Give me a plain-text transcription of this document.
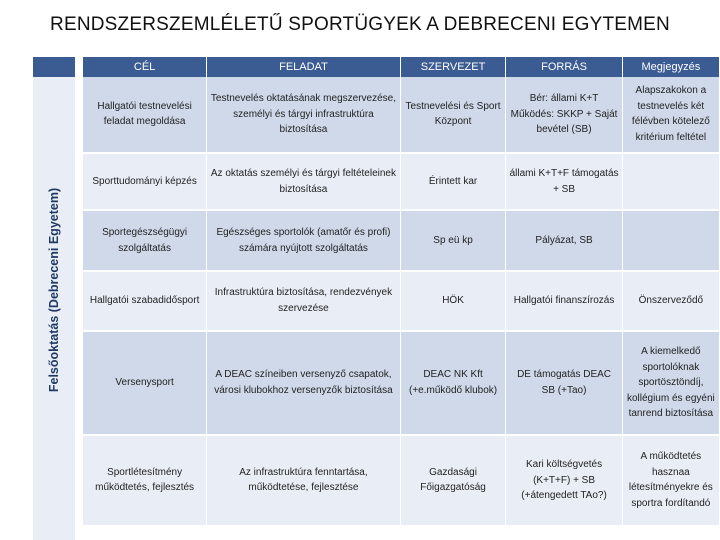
RENDSZERSZEMLÉLETŰ SPORTÜGYEK A DEBRECENI EGYTEMEN
Felsőoktatás (Debreceni Egyetem)
CÉL	FELADAT	SZERVEZET	FORRÁS	Megjegyzés
Hallgatói testnevelési feladat megoldása	Testnevelés oktatásának megszervezése, személyi és tárgyi infrastruktúra biztosítása	Testnevelési és Sport Központ	Bér: állami K+T Működés: SKKP + Saját bevétel (SB)	Alapszakokon a testnevelés két félévben kötelező kritérium feltétel
Sporttudományi képzés	Az oktatás személyi és tárgyi feltételeinek biztosítása	Érintett kar	állami K+T+F támogatás + SB	
Sportegészségügyi szolgáltatás	Egészséges sportolók (amatőr és profi) számára nyújtott szolgáltatás	Sp eü kp	Pályázat, SB	
Hallgatói szabadidősport	Infrastruktúra biztosítása, rendezvények szervezése	HÖK	Hallgatói finanszírozás	Önszerveződő
Versenysport	A DEAC színeiben versenyző csapatok, városi klubokhoz versenyzők biztosítása	DEAC NK Kft (+e.működő klubok)	DE támogatás DEAC SB (+Tao)	A kiemelkedő sportolóknak sportösztöndíj, kollégium és egyéni tanrend biztosítása
Sportlétesítmény működtetés, fejlesztés	Az infrastruktúra fenntartása, működtetése, fejlesztése	Gazdasági Főigazgatóság	Kari költségvetés (K+T+F) + SB (+átengedett TAo?)	A működtetés hasznaa létesítményekre és sportra fordítandó
